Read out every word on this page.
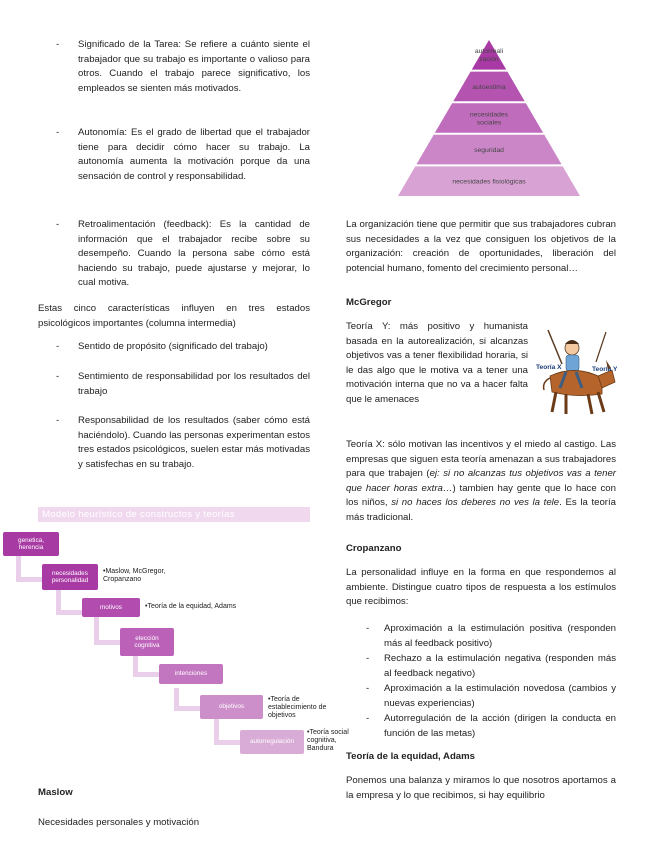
- Significado de la Tarea: Se refiere a cuánto siente el trabajador que su trabajo es importante o valioso para otros. Cuando el trabajo parece significativo, los empleados se sienten más motivados.
- Autonomía: Es el grado de libertad que el trabajador tiene para decidir cómo hacer su trabajo. La autonomía aumenta la motivación porque da una sensación de control y responsabilidad.
- Retroalimentación (feedback): Es la cantidad de información que el trabajador recibe sobre su desempeño. Cuando la persona sabe cómo está haciendo su trabajo, puede ajustarse y mejorar, lo cual motiva.

Estas cinco características influyen en tres estados psicológicos importantes (columna intermedia)

- Sentido de propósito (significado del trabajo)
- Sentimiento de responsabilidad por los resultados del trabajo
- Responsabilidad de los resultados (saber cómo está haciéndolo). Cuando las personas experimentan estos tres estados psicológicos, suelen estar más motivadas y satisfechas en su trabajo.
Modelo heurístico de constructos y teorías
genetica, herencia
necesidades personalidad
motivos
elección cognitiva
intenciones
objetivos
autorregulación
•Maslow, McGregor, Cropanzano
•Teoría de la equidad, Adams
•Teoría de establecimiento de objetivos
•Teoría social cognitiva, Bandura

Maslow

Necesidades personales y motivación

autorreali
zación
autoestima
necesidades
sociales
seguridad
necesidades fisiológicas

La organización tiene que permitir que sus trabajadores cubran sus necesidades a la vez que consiguen los objetivos de la organización: creación de oportunidades, liberación del potencial humano, fomento del crecimiento personal…

McGregor

Teoría Y: más positivo y humanista basada en la autorealización, si alcanzas objetivos vas a tener flexibilidad horaria, si le das algo que le motiva va a tener una motivación interna que no va a hacer falta que le amenaces

Teoría X: sólo motivan las incentivos y el miedo al castigo. Las empresas que siguen esta teoría amenazan a sus trabajadores para que trabajen (ej: si no alcanzas tus objetivos vas a tener que hacer horas extra…) tambien hay gente que lo hace con los niños, si no haces los deberes no ves la tele. Es la teoría más tradicional.

Cropanzano

La personalidad influye en la forma en que respondemos al ambiente. Distingue cuatro tipos de respuesta a los estímulos que recibimos:

- Aproximación a la estimulación positiva (responden más al feedback positivo)
- Rechazo a la estimulación negativa (responden más al feedback negativo)
- Aproximación a la estimulación novedosa (cambios y nuevas experiencias)
- Autorregulación de la acción (dirigen la conducta en función de las metas)

Teoría de la equidad, Adams

Ponemos una balanza y miramos lo que nosotros aportamos a la empresa y lo que recibimos, si hay equilibrio

Teoría X	Teoría Y
